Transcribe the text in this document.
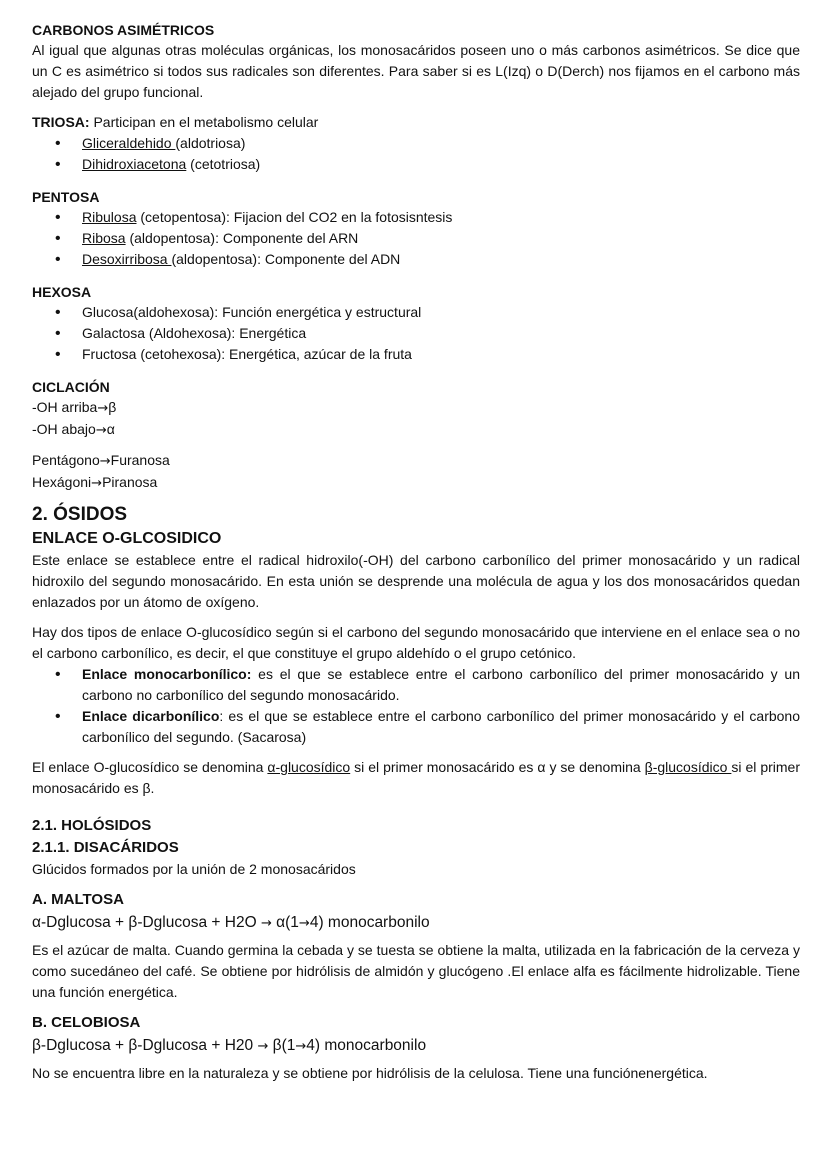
CARBONOS ASIMÉTRICOS

Al igual que algunas otras moléculas orgánicas, los monosacáridos poseen uno o más carbonos asimétricos. Se dice que un C es asimétrico si todos sus radicales son diferentes. Para saber si es L(Izq) o D(Derch) nos fijamos en el carbono más alejado del grupo funcional.

TRIOSA: Participan en el metabolismo celular

• Gliceraldehido (aldotriosa)
• Dihidroxiacetona (cetotriosa)
PENTOSA
• Ribulosa (cetopentosa): Fijacion del CO2 en la fotosisntesis
• Ribosa (aldopentosa): Componente del ARN
• Desoxirribosa (aldopentosa): Componente del ADN
HEXOSA
• Glucosa(aldohexosa): Función energética y estructural
• Galactosa (Aldohexosa): Energética
• Fructosa (cetohexosa): Energética, azúcar de la fruta
CICLACIÓN

-OH arriba→β

-OH abajo→α

Pentágono→Furanosa

Hexágoni→Piranosa

2. ÓSIDOS
ENLACE O-GLCOSIDICO

Este enlace se establece entre el radical hidroxilo(-OH) del carbono carbonílico del primer monosacárido y un radical hidroxilo del segundo monosacárido. En esta unión se desprende una molécula de agua y los dos monosacáridos quedan enlazados por un átomo de oxígeno.

Hay dos tipos de enlace O-glucosídico según si el carbono del segundo monosacárido que interviene en el enlace sea o no el carbono carbonílico, es decir, el que constituye el grupo aldehído o el grupo cetónico.

• Enlace monocarbonílico: es el que se establece entre el carbono carbonílico del primer monosacárido y un carbono no carbonílico del segundo monosacárido.
• Enlace dicarbonílico: es el que se establece entre el carbono carbonílico del primer monosacárido y el carbono carbonílico del segundo. (Sacarosa)

El enlace O-glucosídico se denomina α-glucosídico si el primer monosacárido es α y se denomina β-glucosídico si el primer monosacárido es β.

2.1. HOLÓSIDOS
2.1.1. DISACÁRIDOS

Glúcidos formados por la unión de 2 monosacáridos

A. MALTOSA

α-Dglucosa + β-Dglucosa + H2O → α(1→4) monocarbonilo

Es el azúcar de malta. Cuando germina la cebada y se tuesta se obtiene la malta, utilizada en la fabricación de la cerveza y como sucedáneo del café. Se obtiene por hidrólisis de almidón y glucógeno .El enlace alfa es fácilmente hidrolizable. Tiene una función energética.

B. CELOBIOSA

β-Dglucosa + β-Dglucosa + H20 → β(1→4) monocarbonilo

No se encuentra libre en la naturaleza y se obtiene por hidrólisis de la celulosa. Tiene una funciónenergética.
